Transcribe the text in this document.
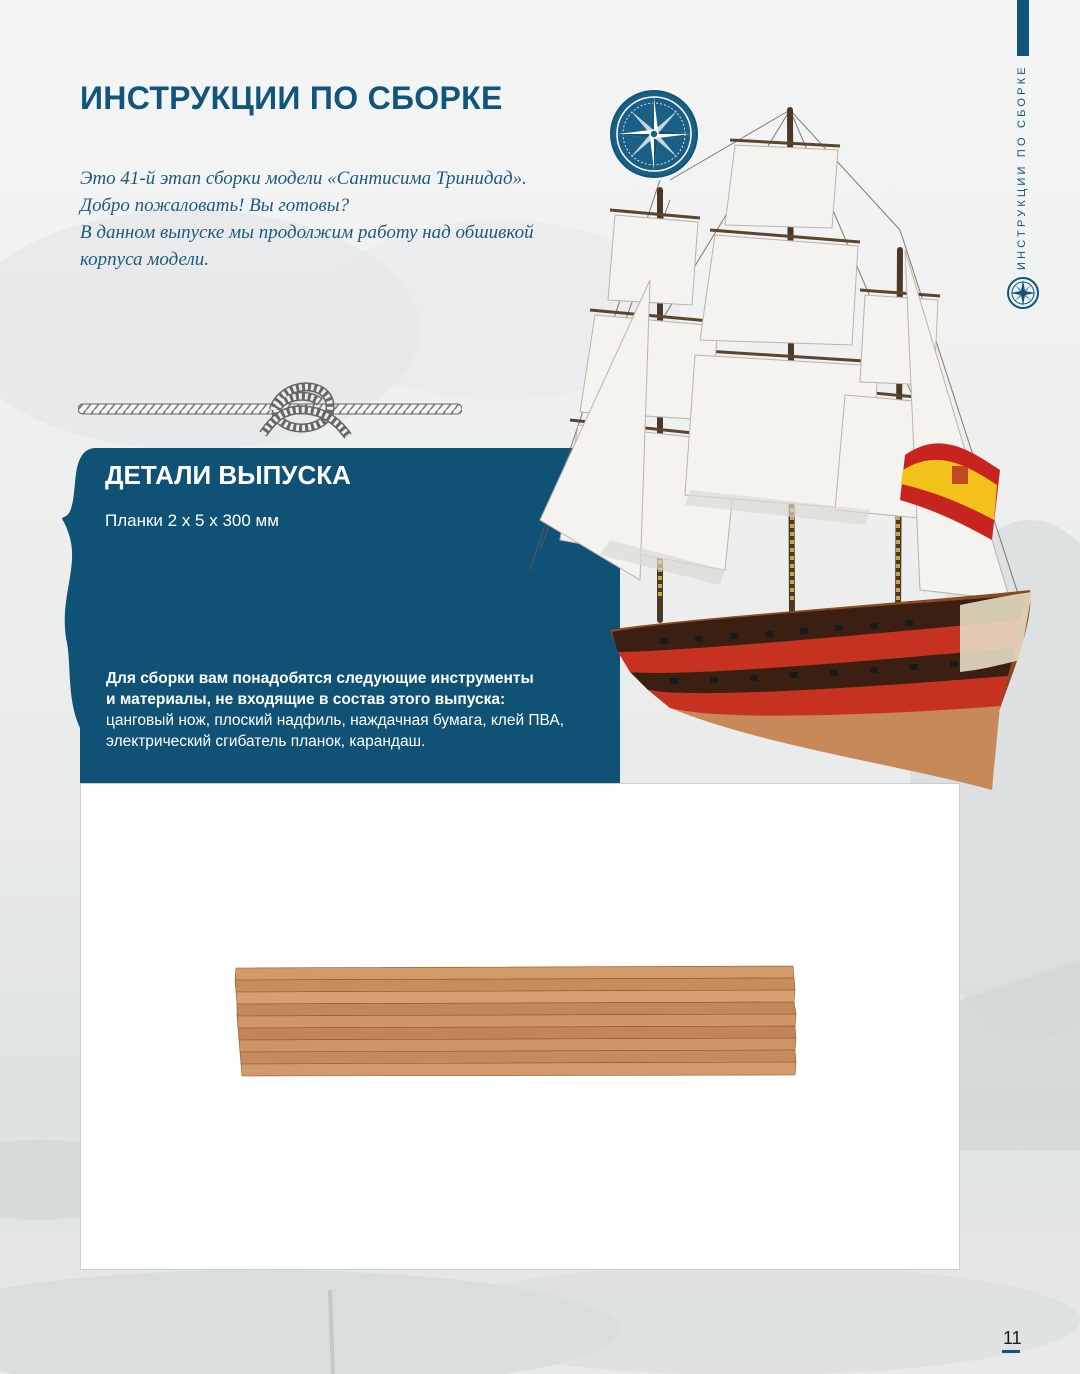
ИНСТРУКЦИИ ПО СБОРКЕ

Это 41-й этап сборки модели «Сантисима Тринидад».

Добро пожаловать! Вы готовы?

В данном выпуске мы продолжим работу над обшивкой

корпуса модели.	ИНСТРУКЦИИ ПО СБОРКЕ
ДЕТАЛИ ВЫПУСКА
Планки 2 х 5 х 300 мм
Для сборки вам понадобятся следующие инструменты
и материалы, не входящие в состав этого выпуска:
цанговый нож, плоский надфиль, наждачная бумага, клей ПВА,
электрический сгибатель планок, карандаш.
11
